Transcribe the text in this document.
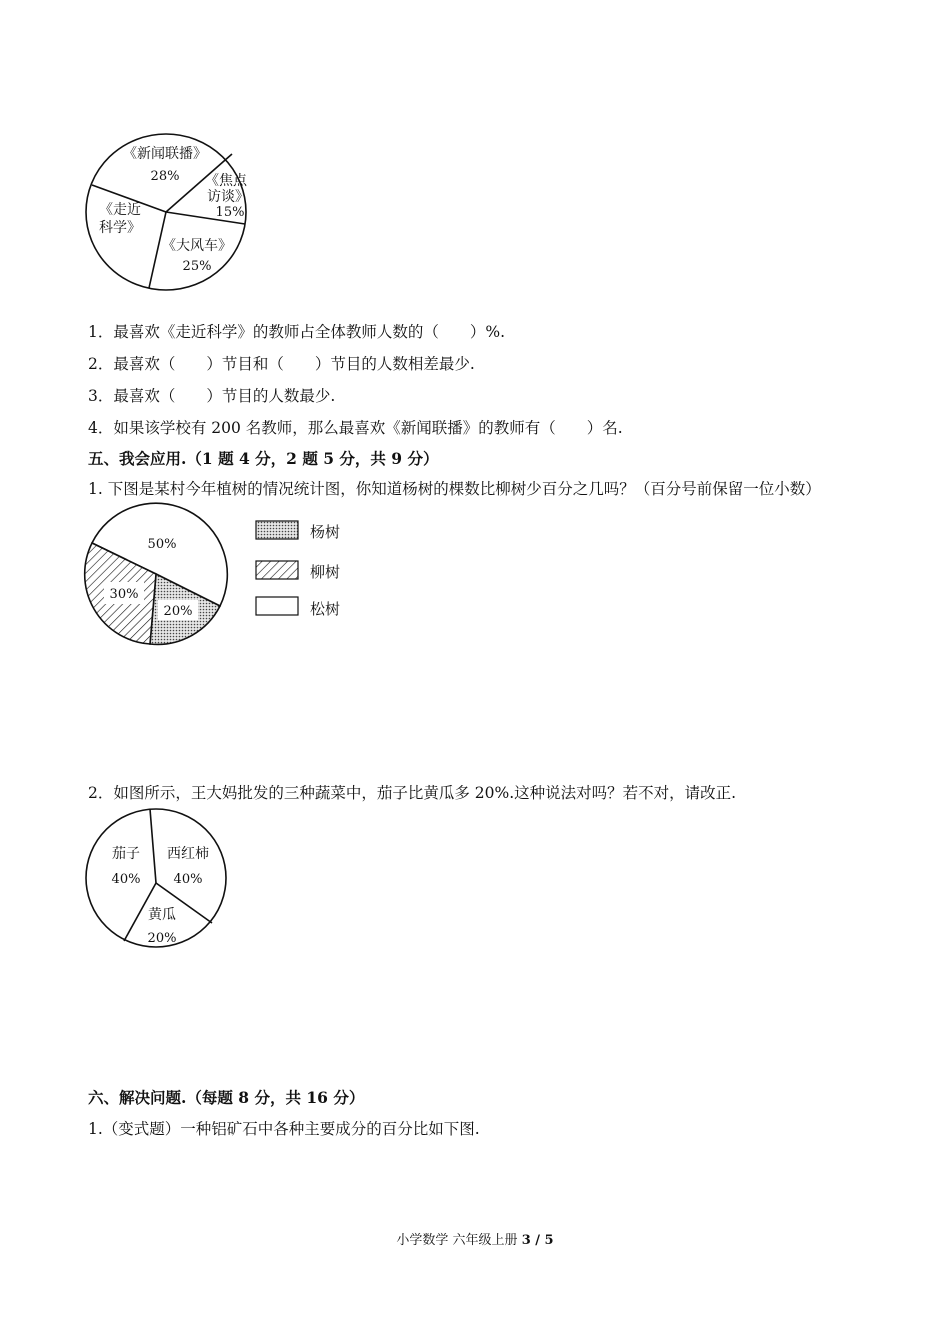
《新闻联播》
28% 《焦点
访谈》
15%
《走近
科学》
《大风车》
25%
1．最喜欢《走近科学》的教师占全体教师人数的（　　）%.
2．最喜欢（　　）节目和（　　）节目的人数相差最少.
3．最喜欢（　　）节目的人数最少.
4．如果该学校有 200 名教师，那么最喜欢《新闻联播》的教师有（　　）名.
五、我会应用.（1 题 4 分，2 题 5 分，共 9 分）
1. 下图是某村今年植树的情况统计图，你知道杨树的棵数比柳树少百分之几吗？（百分号前保留一位小数）
50%
30%
20%
杨树
柳树
松树
2．如图所示，王大妈批发的三种蔬菜中，茄子比黄瓜多 20%.这种说法对吗？若不对，请改正.
茄子
40%
西红柿
40%
黄瓜
20%
六、解决问题.（每题 8 分，共 16 分）
1.（变式题）一种铝矿石中各种主要成分的百分比如下图.
小学数学 六年级上册 3 / 5
